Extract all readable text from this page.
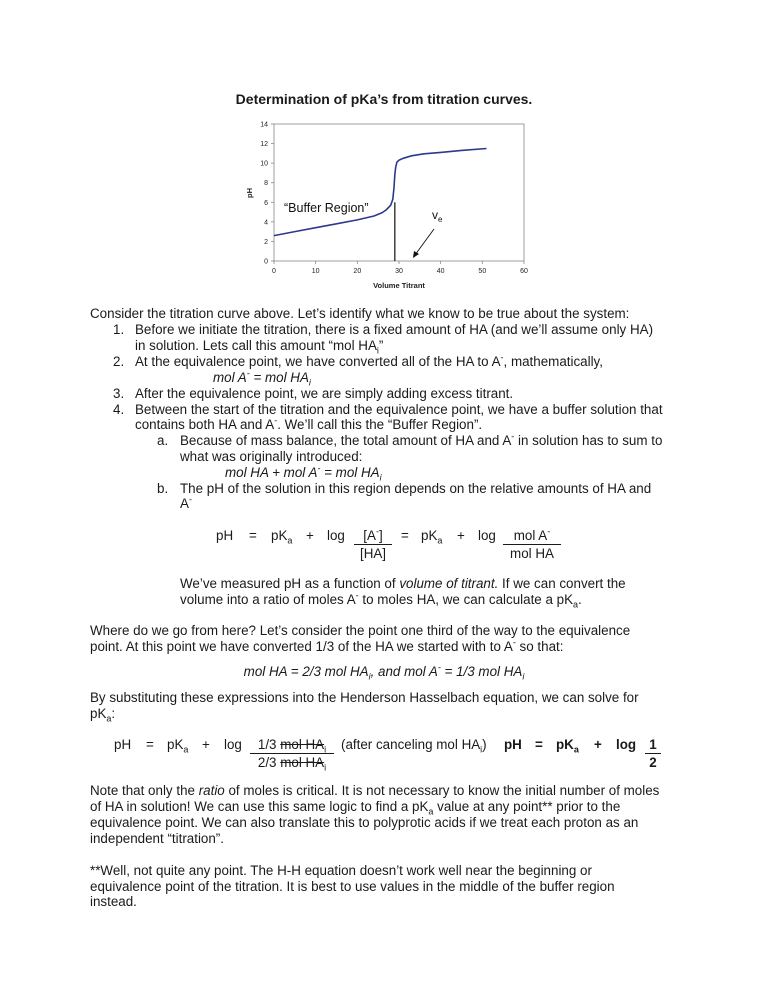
Determination of pKa’s from titration curves.
0
2
4
6
8
10
12
14
0	10	20	30	40	50	60
pH
Volume Titrant
“Buffer Region”	$v_e$
Consider the titration curve above. Let’s identify what we know to be true about the system:
1. Before we initiate the titration, there is a fixed amount of HA (and we’ll assume only HA)
in solution. Lets call this amount “mol $HA_i$”
2. At the equivalence point, we have converted all of the HA to A-, mathematically,
mol A- = mol $HA_i$
3. After the equivalence point, we are simply adding excess titrant.
4. Between the start of the titration and the equivalence point, we have a buffer solution that
contains both HA and A-. We’ll call this the “Buffer Region”.
a. Because of mass balance, the total amount of HA and A- in solution has to sum to
what was originally introduced:
mol HA + mol A- = mol $HA_i$
b. The pH of the solution in this region depends on the relative amounts of HA and
A-
pH = $pK_a + \log \frac{[A^-]}{[HA]} = pK_a + \log$	mol A-
mol HA
We’ve measured pH as a function of volume of titrant. If we can convert the
volume into a ratio of moles A- to moles HA, we can calculate a $pK_a$.
Where do we go from here? Let’s consider the point one third of the way to the equivalence
point. At this point we have converted 1/3 of the HA we started with to A- so that:
mol HA = 2/3 mol $HA_i$, and mol A- = 1/3 mol $HA_i$
By substituting these expressions into the Henderson Hasselbach equation, we can solve for
$pK_a$:
pH = $pK_a + \log$	1/3 mol $HA_i$
2/3 mol $HA_i$
(after canceling mol $HA_i$) pH = $pK_a + \log \frac{1}{2}$
Note that only the ratio of moles is critical. It is not necessary to know the initial number of moles
of HA in solution! We can use this same logic to find a $pK_a$ value at any point** prior to the
equivalence point. We can also translate this to polyprotic acids if we treat each proton as an
independent “titration”.
**Well, not quite any point. The H-H equation doesn’t work well near the beginning or
equivalence point of the titration. It is best to use values in the middle of the buffer region
instead.
